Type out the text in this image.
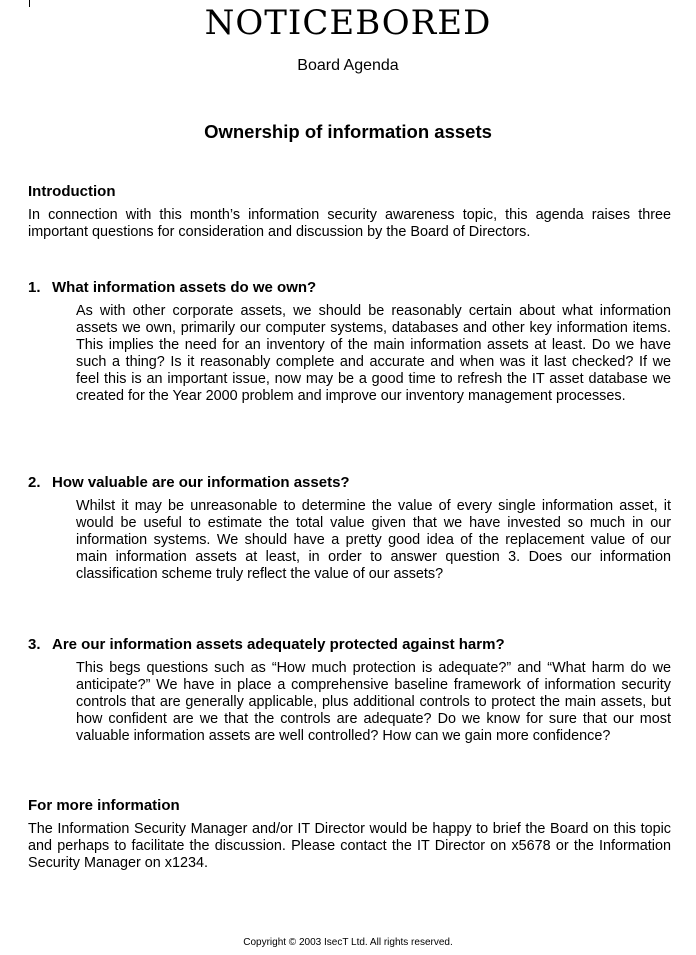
NOTICEBORED
Board Agenda
Ownership of information assets
Introduction

In connection with this month’s information security awareness topic, this agenda raises three important questions for consideration and discussion by the Board of Directors.

1. What information assets do we own?

As with other corporate assets, we should be reasonably certain about what information assets we own, primarily our computer systems, databases and other key information items. This implies the need for an inventory of the main information assets at least. Do we have such a thing? Is it reasonably complete and accurate and when was it last checked? If we feel this is an important issue, now may be a good time to refresh the IT asset database we created for the Year 2000 problem and improve our inventory management processes.

2. How valuable are our information assets?

Whilst it may be unreasonable to determine the value of every single information asset, it would be useful to estimate the total value given that we have invested so much in our information systems. We should have a pretty good idea of the replacement value of our main information assets at least, in order to answer question 3. Does our information classification scheme truly reflect the value of our assets?

3. Are our information assets adequately protected against harm?

This begs questions such as “How much protection is adequate?” and “What harm do we anticipate?” We have in place a comprehensive baseline framework of information security controls that are generally applicable, plus additional controls to protect the main assets, but how confident are we that the controls are adequate? Do we know for sure that our most valuable information assets are well controlled? How can we gain more confidence?

For more information

The Information Security Manager and/or IT Director would be happy to brief the Board on this topic and perhaps to facilitate the discussion. Please contact the IT Director on x5678 or the Information Security Manager on x1234.

Copyright © 2003 IsecT Ltd. All rights reserved.
